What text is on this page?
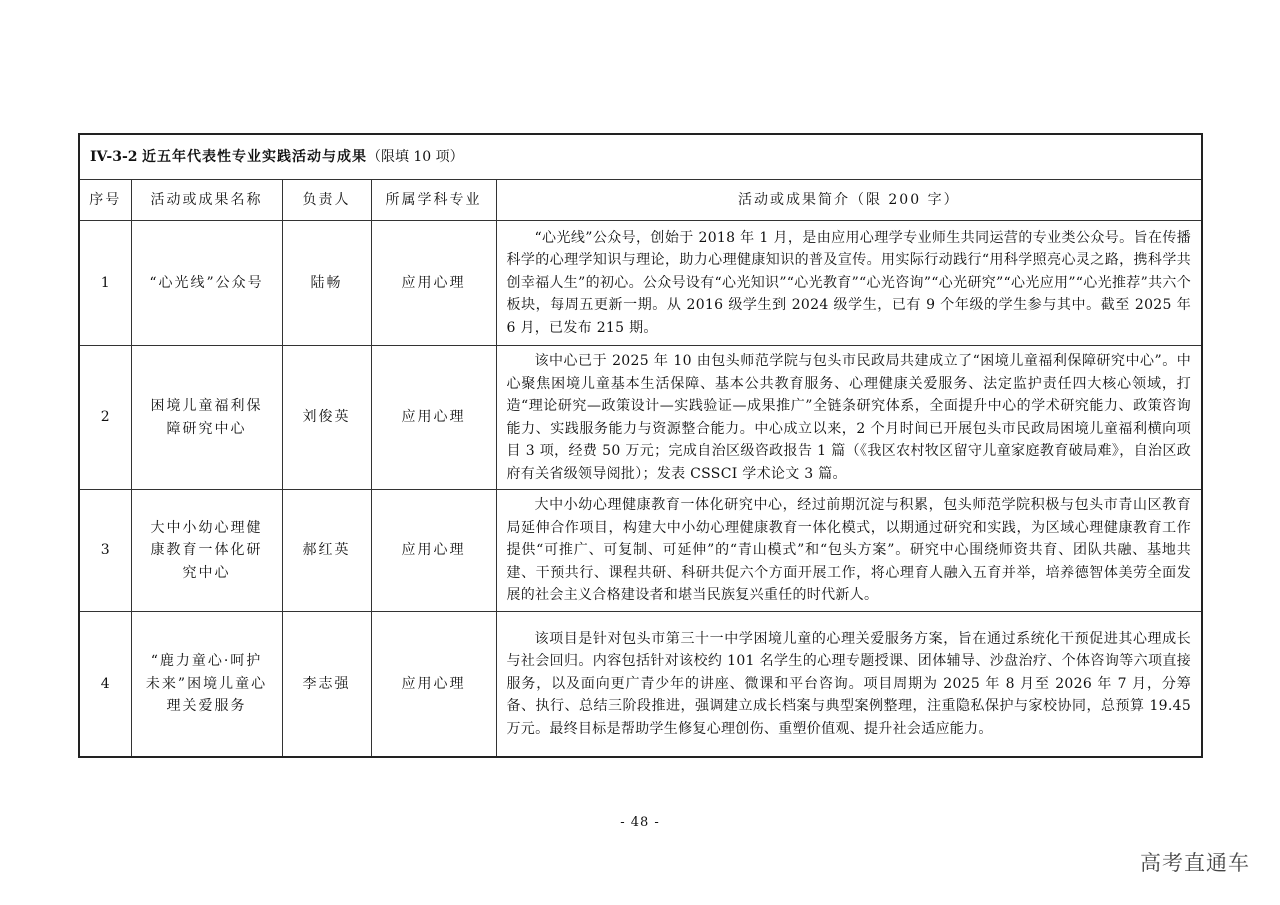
IV-3-2 近五年代表性专业实践活动与成果（限填 10 项）				
序号	活动或成果名称	负责人	所属学科专业	活动或成果简介（限 200 字）
1	“心光线”公众号	陆畅	应用心理	“心光线”公众号，创始于 2018 年 1 月，是由应用心理学专业师生共同运营的专业类公众号。旨在传播科学的心理学知识与理论，助力心理健康知识的普及宣传。用实际行动践行“用科学照亮心灵之路，携科学共创幸福人生”的初心。公众号设有“心光知识”“心光教育”“心光咨询”“心光研究”“心光应用”“心光推荐”共六个板块，每周五更新一期。从 2016 级学生到 2024 级学生，已有 9 个年级的学生参与其中。截至 2025 年 6 月，已发布 215 期。

2	困境儿童福利保障研究中心	刘俊英	应用心理	该中心已于 2025 年 10 由包头师范学院与包头市民政局共建成立了“困境儿童福利保障研究中心”。中心聚焦困境儿童基本生活保障、基本公共教育服务、心理健康关爱服务、法定监护责任四大核心领域，打造“理论研究—政策设计—实践验证—成果推广”全链条研究体系，全面提升中心的学术研究能力、政策咨询能力、实践服务能力与资源整合能力。中心成立以来，2 个月时间已开展包头市民政局困境儿童福利横向项目 3 项，经费 50 万元；完成自治区级咨政报告 1 篇（《我区农村牧区留守儿童家庭教育破局难》，自治区政府有关省级领导阅批）；发表 CSSCI 学术论文 3 篇。

3	大中小幼心理健康教育一体化研究中心	郝红英	应用心理	大中小幼心理健康教育一体化研究中心，经过前期沉淀与积累，包头师范学院积极与包头市青山区教育局延伸合作项目，构建大中小幼心理健康教育一体化模式，以期通过研究和实践，为区域心理健康教育工作提供“可推广、可复制、可延伸”的“青山模式”和“包头方案”。研究中心围绕师资共育、团队共融、基地共建、干预共行、课程共研、科研共促六个方面开展工作，将心理育人融入五育并举，培养德智体美劳全面发展的社会主义合格建设者和堪当民族复兴重任的时代新人。

4	“鹿力童心·呵护未来”困境儿童心理关爱服务	李志强	应用心理	该项目是针对包头市第三十一中学困境儿童的心理关爱服务方案，旨在通过系统化干预促进其心理成长与社会回归。内容包括针对该校约 101 名学生的心理专题授课、团体辅导、沙盘治疗、个体咨询等六项直接服务，以及面向更广青少年的讲座、微课和平台咨询。项目周期为 2025 年 8 月至 2026 年 7 月，分筹备、执行、总结三阶段推进，强调建立成长档案与典型案例整理，注重隐私保护与家校协同，总预算 19.45 万元。最终目标是帮助学生修复心理创伤、重塑价值观、提升社会适应能力。

- 48 -
高考直通车
